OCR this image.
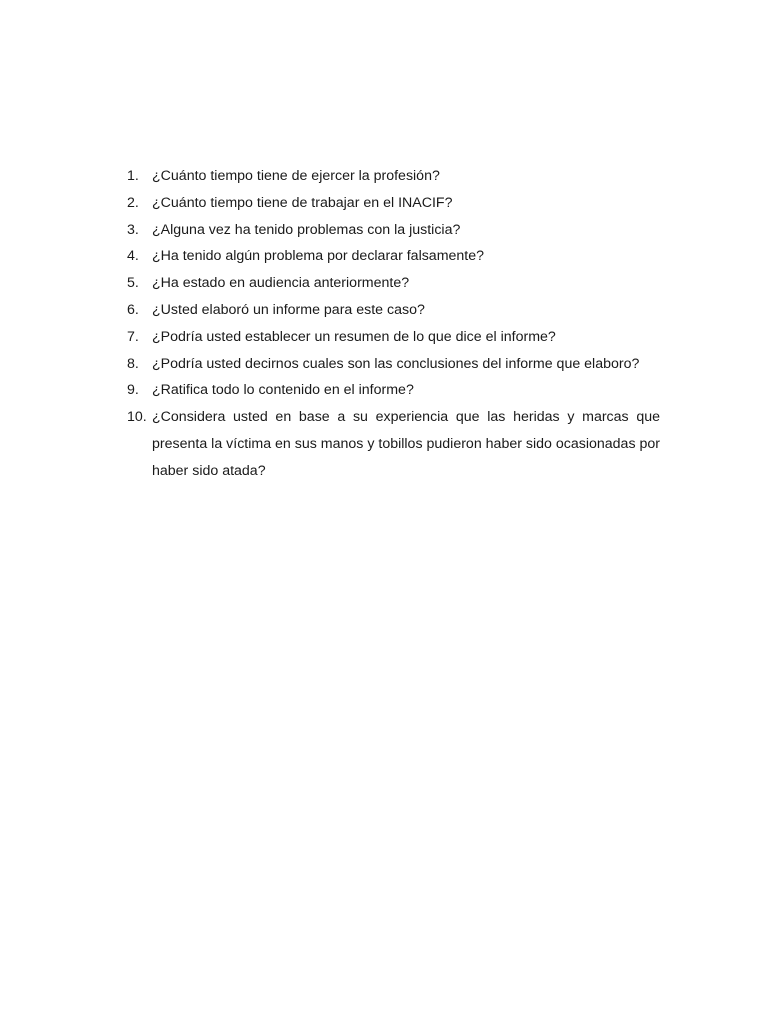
1. ¿Cuánto tiempo tiene de ejercer la profesión?
2. ¿Cuánto tiempo tiene de trabajar en el INACIF?
3. ¿Alguna vez ha tenido problemas con la justicia?
4. ¿Ha tenido algún problema por declarar falsamente?
5. ¿Ha estado en audiencia anteriormente?
6. ¿Usted elaboró un informe para este caso?
7. ¿Podría usted establecer un resumen de lo que dice el informe?
8. ¿Podría usted decirnos cuales son las conclusiones del informe que elaboro?
9. ¿Ratifica todo lo contenido en el informe?
10. ¿Considera usted en base a su experiencia que las heridas y marcas que presenta la víctima en sus manos y tobillos pudieron haber sido ocasionadas por haber sido atada?
